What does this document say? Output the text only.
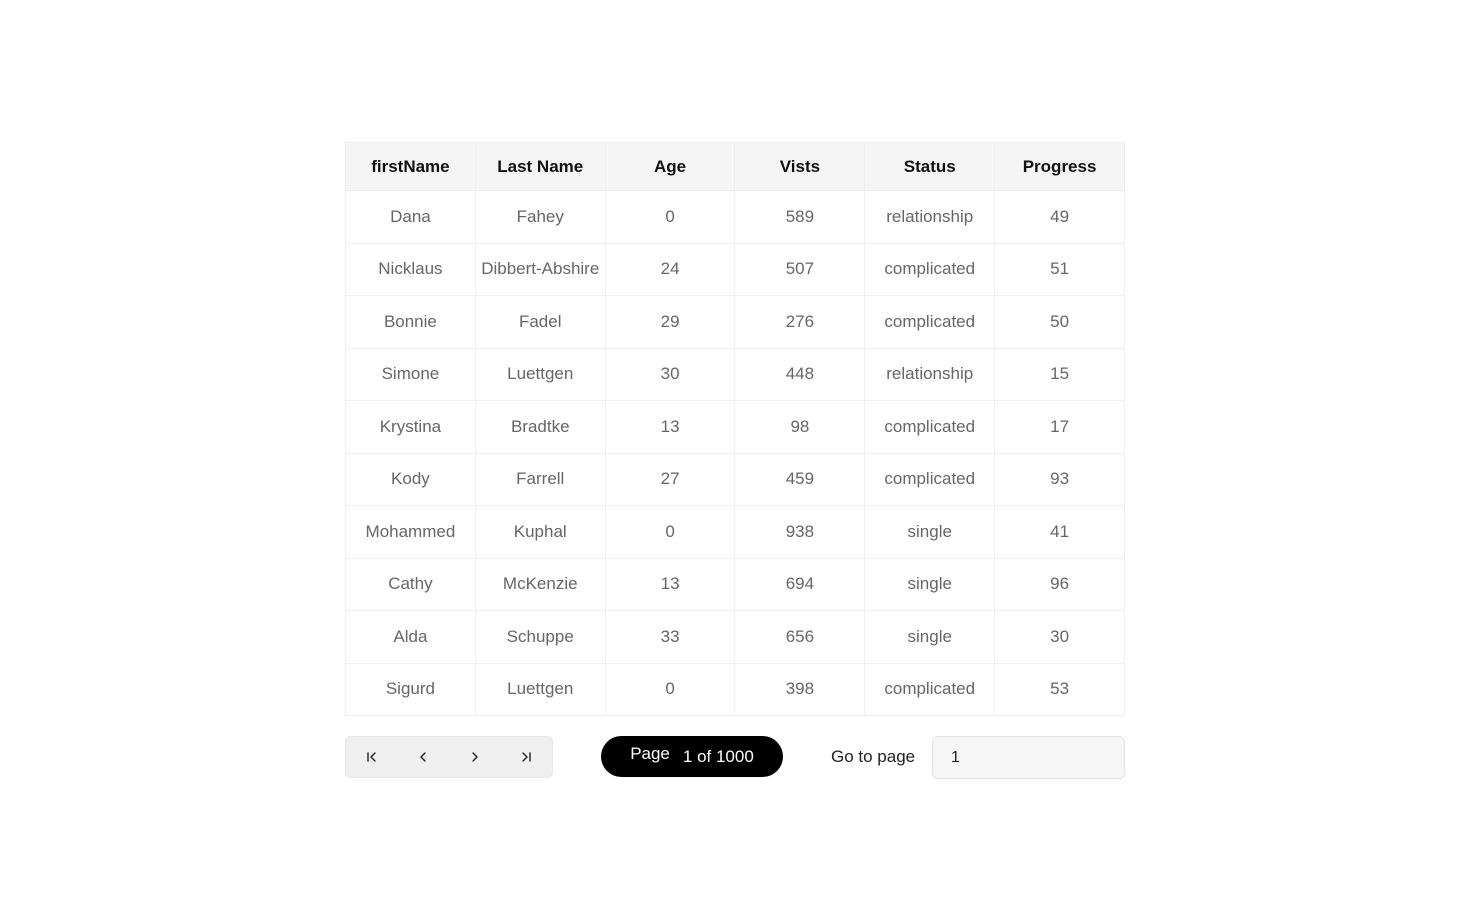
firstName	Last Name	Age	Vists	Status	Progress
Dana	Fahey	0	589	relationship	49
Nicklaus	Dibbert-Abshire	24	507	complicated	51
Bonnie	Fadel	29	276	complicated	50
Simone	Luettgen	30	448	relationship	15
Krystina	Bradtke	13	98	complicated	17
Kody	Farrell	27	459	complicated	93
Mohammed	Kuphal	0	938	single	41
Cathy	McKenzie	13	694	single	96
Alda	Schuppe	33	656	single	30
Sigurd	Luettgen	0	398	complicated	53
Page 1 of 1000	Go to page
1
